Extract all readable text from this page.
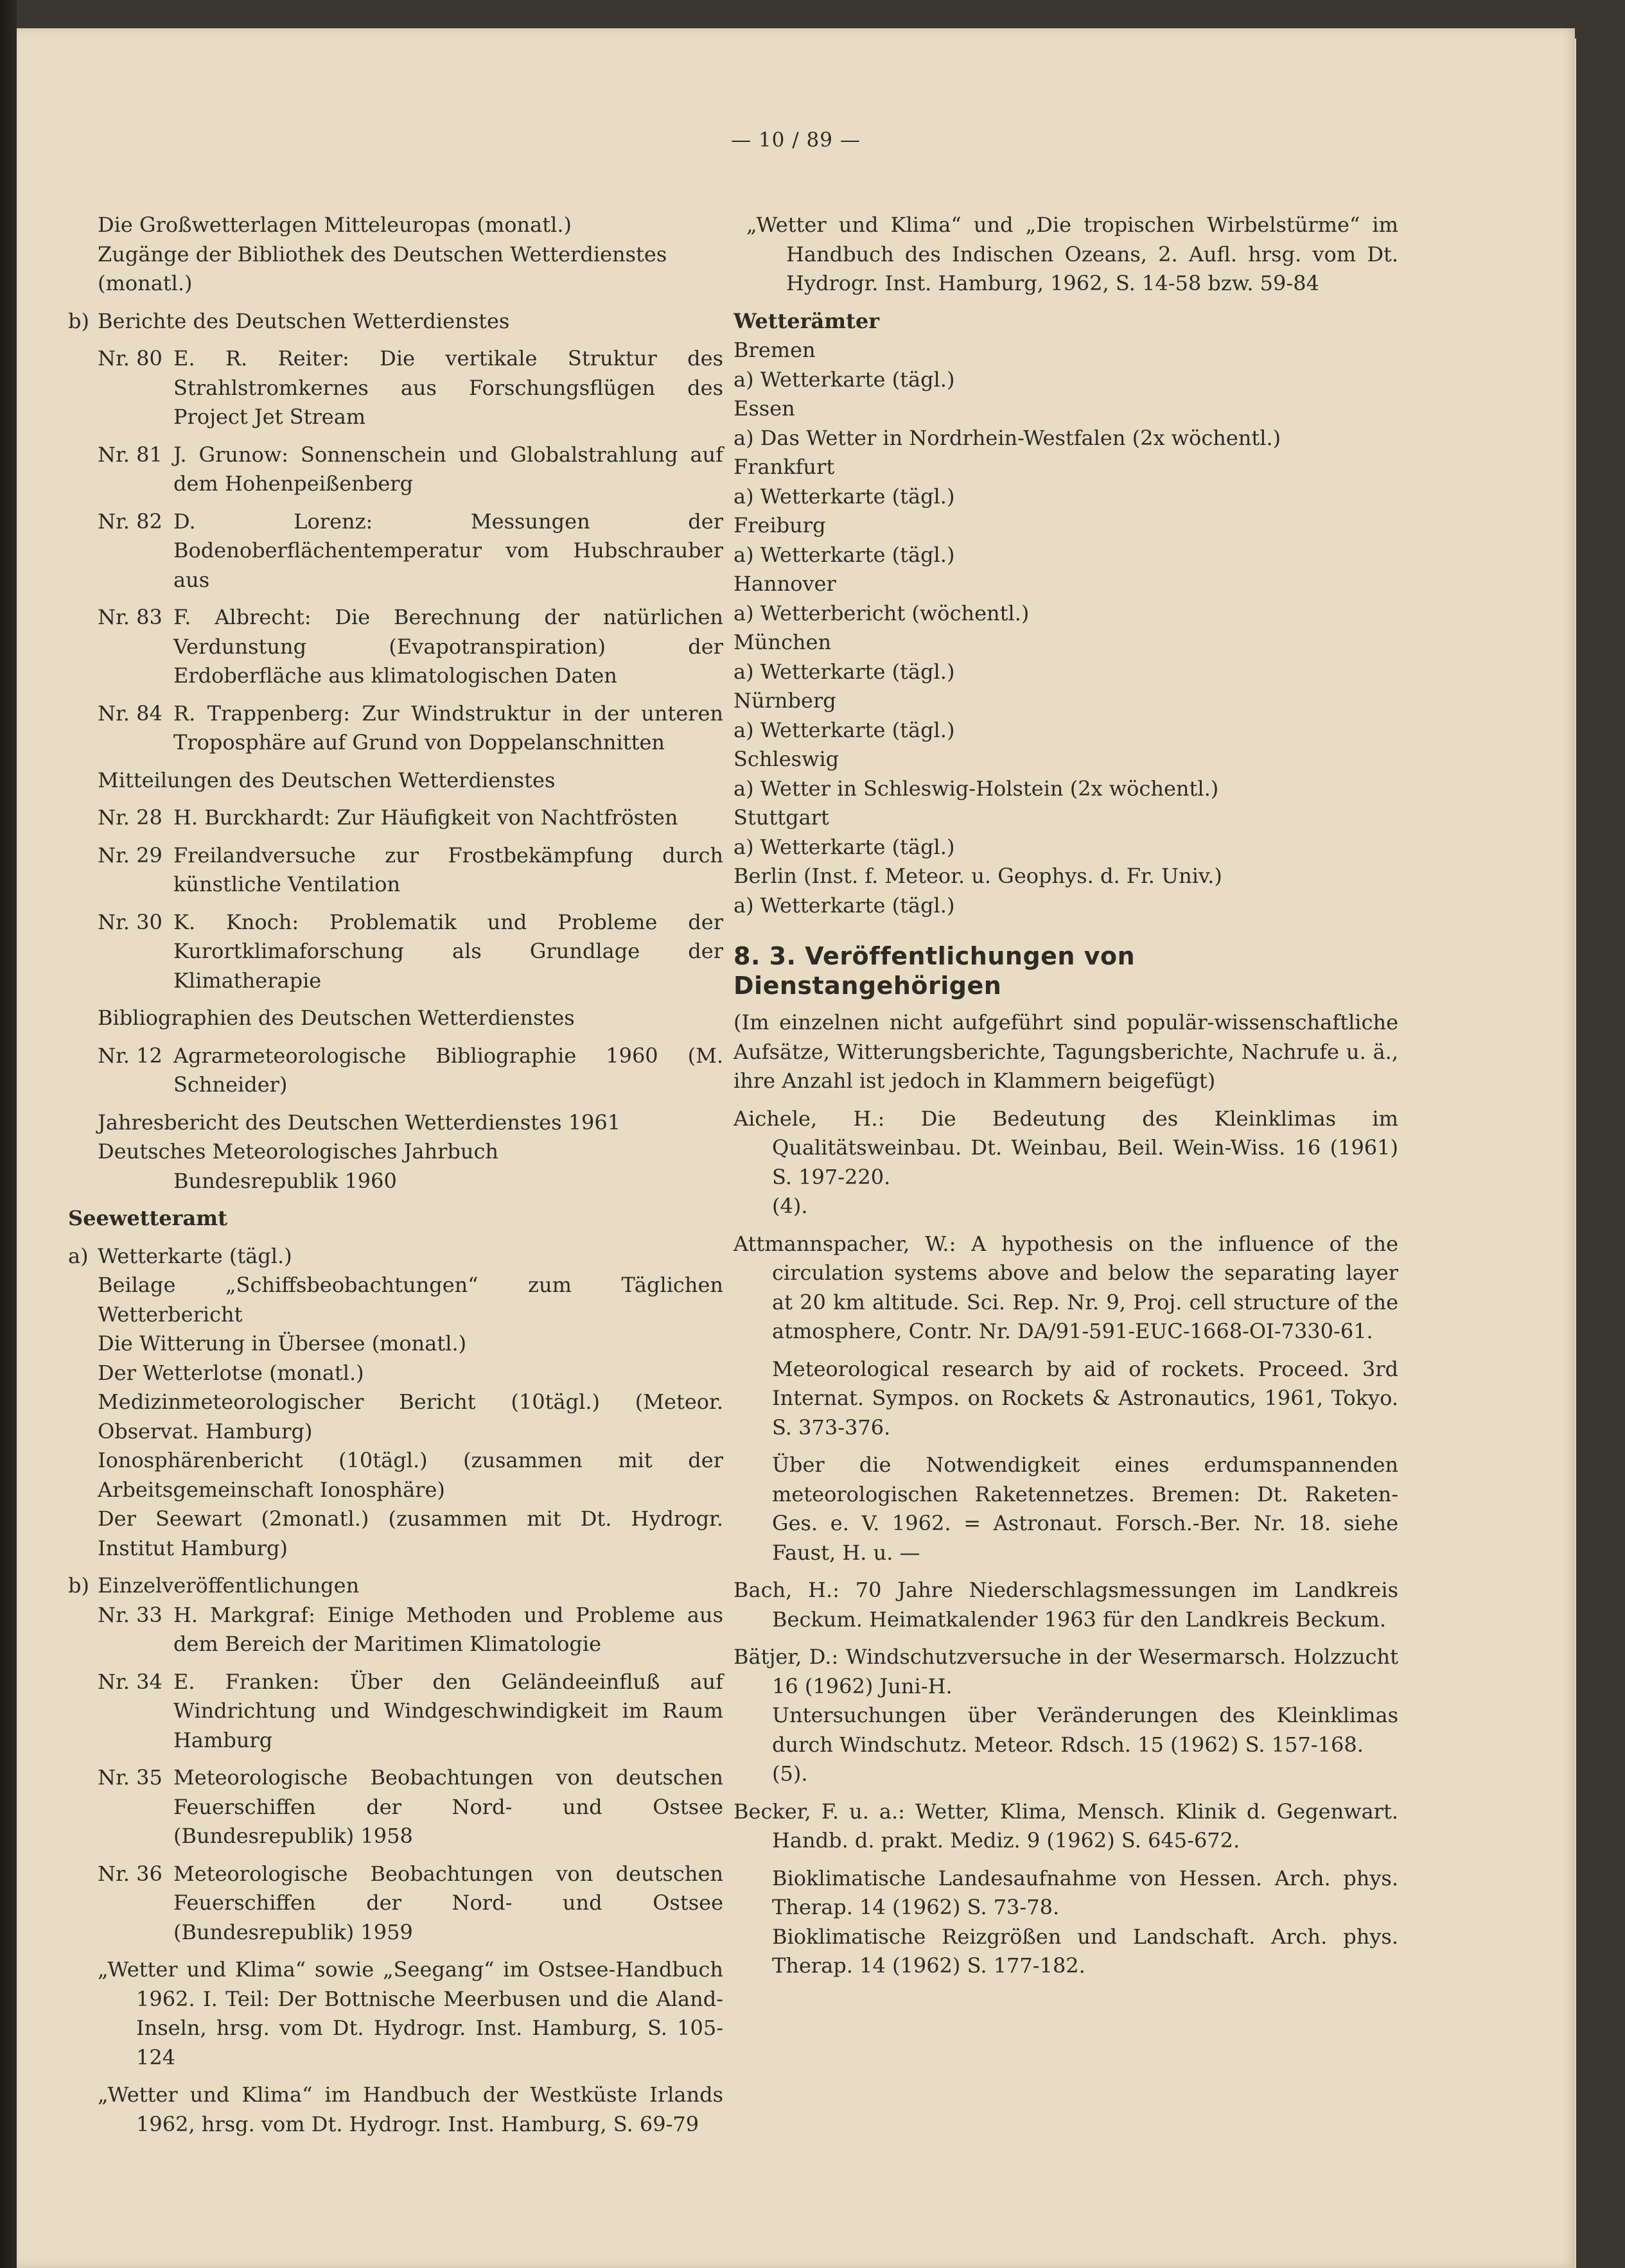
— 10 / 89 —

Die Großwetterlagen Mitteleuropas (monatl.)

Zugänge der Bibliothek des Deutschen Wetterdienstes (monatl.)

b) Berichte des Deutschen Wetterdienstes
Nr. 80 E. R. Reiter: Die vertikale Struktur des Strahlstromkernes aus Forschungsflügen des Project Jet Stream
Nr. 81 J. Grunow: Sonnenschein und Globalstrahlung auf dem Hohenpeißenberg
Nr. 82 D. Lorenz: Messungen der Bodenoberflächentemperatur vom Hubschrauber aus
Nr. 83 F. Albrecht: Die Berechnung der natürlichen Verdunstung (Evapotranspiration) der Erdoberfläche aus klimatologischen Daten
Nr. 84 R. Trappenberg: Zur Windstruktur in der unteren Troposphäre auf Grund von Doppelanschnitten

Mitteilungen des Deutschen Wetterdienstes

Nr. 28 H. Burckhardt: Zur Häufigkeit von Nachtfrösten
Nr. 29 Freilandversuche zur Frostbekämpfung durch künstliche Ventilation
Nr. 30 K. Knoch: Problematik und Probleme der Kurortklimaforschung als Grundlage der Klimatherapie

Bibliographien des Deutschen Wetterdienstes

Nr. 12 Agrarmeteorologische Bibliographie 1960 (M. Schneider)

Jahresbericht des Deutschen Wetterdienstes 1961

Deutsches Meteorologisches Jahrbuch

Bundesrepublik 1960

Seewetteramt

a) Wetterkarte (tägl.)

Beilage „Schiffsbeobachtungen“ zum Täglichen Wetterbericht

Die Witterung in Übersee (monatl.)

Der Wetterlotse (monatl.)

Medizinmeteorologischer Bericht (10tägl.) (Meteor. Observat. Hamburg)

Ionosphärenbericht (10tägl.) (zusammen mit der Arbeitsgemeinschaft Ionosphäre)

Der Seewart (2monatl.) (zusammen mit Dt. Hydrogr. Institut Hamburg)

b) Einzelveröffentlichungen
Nr. 33 H. Markgraf: Einige Methoden und Probleme aus dem Bereich der Maritimen Klimatologie
Nr. 34 E. Franken: Über den Geländeeinfluß auf Windrichtung und Windgeschwindigkeit im Raum Hamburg
Nr. 35 Meteorologische Beobachtungen von deutschen Feuerschiffen der Nord- und Ostsee (Bundesrepublik) 1958
Nr. 36 Meteorologische Beobachtungen von deutschen Feuerschiffen der Nord- und Ostsee (Bundesrepublik) 1959

„Wetter und Klima“ sowie „Seegang“ im Ostsee-Handbuch 1962. I. Teil: Der Bottnische Meerbusen und die Aland-Inseln, hrsg. vom Dt. Hydrogr. Inst. Hamburg, S. 105-124

„Wetter und Klima“ im Handbuch der Westküste Irlands 1962, hrsg. vom Dt. Hydrogr. Inst. Hamburg, S. 69-79

„Wetter und Klima“ und „Die tropischen Wirbelstürme“ im Handbuch des Indischen Ozeans, 2. Aufl. hrsg. vom Dt. Hydrogr. Inst. Hamburg, 1962, S. 14-58 bzw. 59-84

Wetterämter

Bremen

a) Wetterkarte (tägl.)

Essen

a) Das Wetter in Nordrhein-Westfalen (2x wöchentl.)

Frankfurt

a) Wetterkarte (tägl.)

Freiburg

a) Wetterkarte (tägl.)

Hannover

a) Wetterbericht (wöchentl.)

München

a) Wetterkarte (tägl.)

Nürnberg

a) Wetterkarte (tägl.)

Schleswig

a) Wetter in Schleswig-Holstein (2x wöchentl.)

Stuttgart

a) Wetterkarte (tägl.)

Berlin (Inst. f. Meteor. u. Geophys. d. Fr. Univ.)

a) Wetterkarte (tägl.)

8. 3. Veröffentlichungen von Dienstangehörigen

(Im einzelnen nicht aufgeführt sind populär-wissenschaftliche Aufsätze, Witterungsberichte, Tagungsberichte, Nachrufe u. ä., ihre Anzahl ist jedoch in Klammern beigefügt)

Aichele, H.: Die Bedeutung des Kleinklimas im Qualitätsweinbau. Dt. Weinbau, Beil. Wein-Wiss. 16 (1961) S. 197-220.

(4).

Attmannspacher, W.: A hypothesis on the influence of the circulation systems above and below the separating layer at 20 km altitude. Sci. Rep. Nr. 9, Proj. cell structure of the atmosphere, Contr. Nr. DA/91-591-EUC-1668-OI-7330-61.

Meteorological research by aid of rockets. Proceed. 3rd Internat. Sympos. on Rockets & Astronautics, 1961, Tokyo. S. 373-376.

Über die Notwendigkeit eines erdumspannenden meteorologischen Raketennetzes. Bremen: Dt. Raketen-Ges. e. V. 1962. = Astronaut. Forsch.-Ber. Nr. 18. siehe Faust, H. u. —

Bach, H.: 70 Jahre Niederschlagsmessungen im Landkreis Beckum. Heimatkalender 1963 für den Landkreis Beckum.

Bätjer, D.: Windschutzversuche in der Wesermarsch. Holzzucht 16 (1962) Juni-H.

Untersuchungen über Veränderungen des Kleinklimas durch Windschutz. Meteor. Rdsch. 15 (1962) S. 157-168.

(5).

Becker, F. u. a.: Wetter, Klima, Mensch. Klinik d. Gegenwart. Handb. d. prakt. Mediz. 9 (1962) S. 645-672.

Bioklimatische Landesaufnahme von Hessen. Arch. phys. Therap. 14 (1962) S. 73-78.

Bioklimatische Reizgrößen und Landschaft. Arch. phys. Therap. 14 (1962) S. 177-182.
